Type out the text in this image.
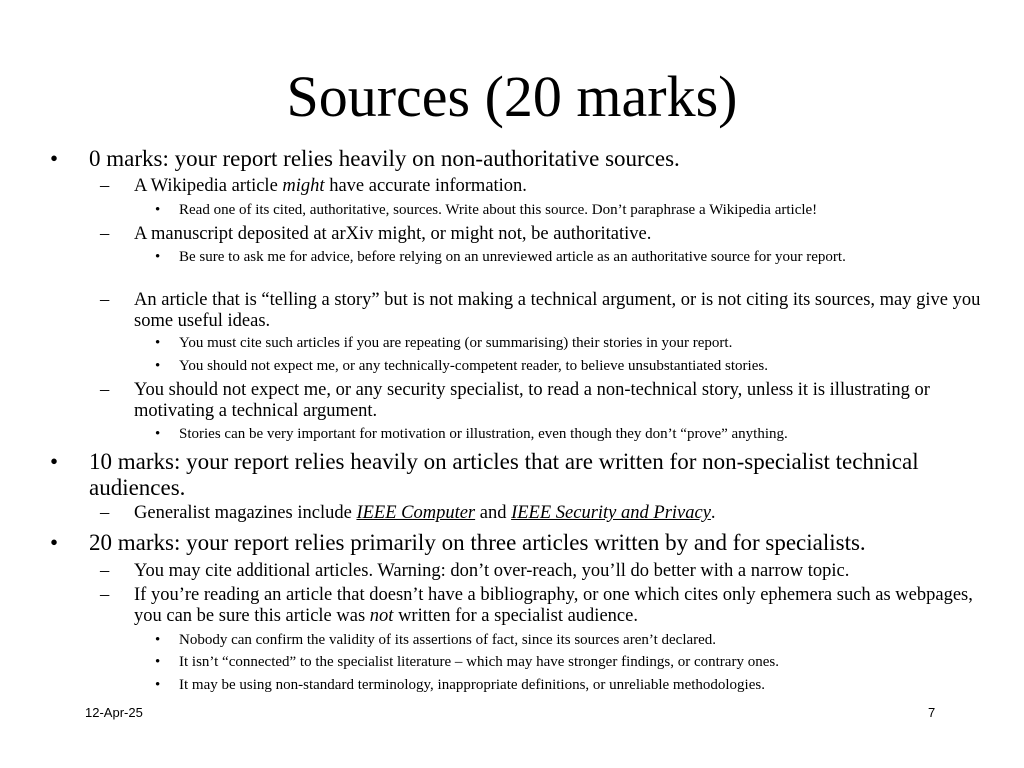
Sources (20 marks)
•	0 marks: your report relies heavily on non-authoritative sources.
–	A Wikipedia article might have accurate information.
•	Read one of its cited, authoritative, sources. Write about this source. Don’t paraphrase a Wikipedia article!
–	A manuscript deposited at arXiv might, or might not, be authoritative.
•	Be sure to ask me for advice, before relying on an unreviewed article as an authoritative source for your report.
–	An article that is “telling a story” but is not making a technical argument, or is not citing its sources, may give you some useful ideas.
•	You must cite such articles if you are repeating (or summarising) their stories in your report.
•	You should not expect me, or any technically-competent reader, to believe unsubstantiated stories.
–	You should not expect me, or any security specialist, to read a non-technical story, unless it is illustrating or motivating a technical argument.
•	Stories can be very important for motivation or illustration, even though they don’t “prove” anything.
•	10 marks: your report relies heavily on articles that are written for non-specialist technical audiences.
–	Generalist magazines include IEEE Computer and IEEE Security and Privacy.
•	20 marks: your report relies primarily on three articles written by and for specialists.
–	You may cite additional articles. Warning: don’t over-reach, you’ll do better with a narrow topic.
–	If you’re reading an article that doesn’t have a bibliography, or one which cites only ephemera such as webpages, you can be sure this article was not written for a specialist audience.
•	Nobody can confirm the validity of its assertions of fact, since its sources aren’t declared.
•	It isn’t “connected” to the specialist literature – which may have stronger findings, or contrary ones.
•	It may be using non-standard terminology, inappropriate definitions, or unreliable methodologies.
12-Apr-25	7
